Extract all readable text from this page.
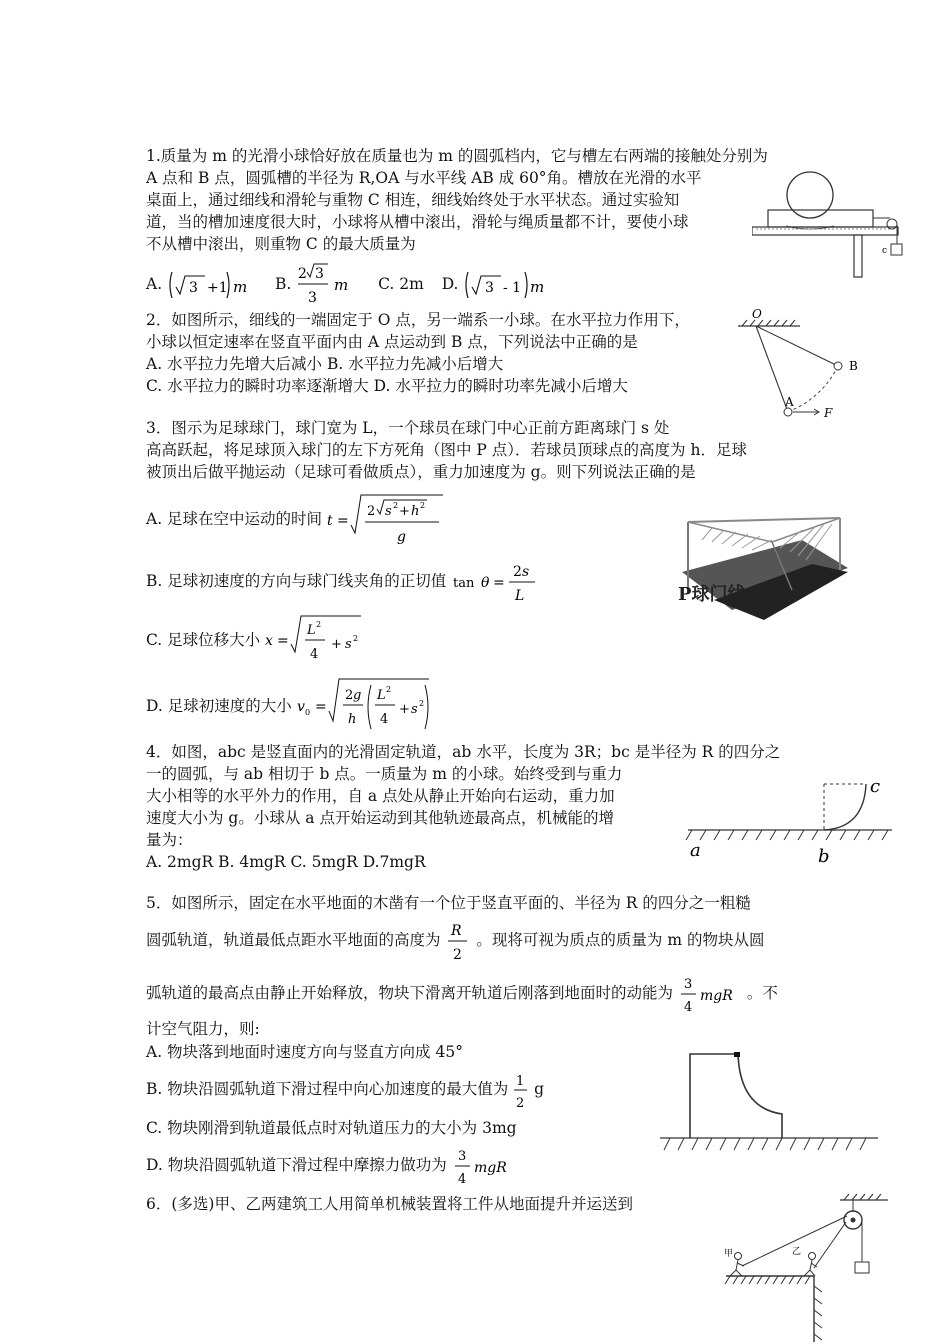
1.质量为 m 的光滑小球恰好放在质量也为 m 的圆弧档内，它与槽左右两端的接触处分别为
A 点和 B 点，圆弧槽的半径为 R,OA 与水平线 AB 成 60°角。槽放在光滑的水平
桌面上，通过细线和滑轮与重物 C 相连，细线始终处于水平状态。通过实验知
道，当的槽加速度很大时，小球将从槽中滚出，滑轮与绳质量都不计，要使小球
不从槽中滚出，则重物 C 的最大质量为
A. 3 +1 m B.
2 3
3
m C. 2m D. 3 - 1 m
c
2．如图所示，细线的一端固定于 O 点，另一端系一小球。在水平拉力作用下，
小球以恒定速率在竖直平面内由 A 点运动到 B 点，下列说法中正确的是
A. 水平拉力先增大后减小 B. 水平拉力先减小后增大
C. 水平拉力的瞬时功率逐渐增大 D. 水平拉力的瞬时功率先减小后增大
O
A
B
F
3．图示为足球球门，球门宽为 L，一个球员在球门中心正前方距离球门 s 处
高高跃起，将足球顶入球门的左下方死角（图中 P 点）．若球员顶球点的高度为 h．足球
被顶出后做平抛运动（足球可看做质点），重力加速度为 g。则下列说法正确的是
A. 足球在空中运动的时间 t =
2 s 2 + h 2
g
B. 足球初速度的方向与球门线夹角的正切值 tan θ =
2 s
L
C. 足球位移大小 x =
L 2
4
+ s 2
D. 足球初速度的大小 v 0 =
2 g
h
L 2
4
+ s 2
P球门线
4．如图，abc 是竖直面内的光滑固定轨道，ab 水平，长度为 3R；bc 是半径为 R 的四分之
一的圆弧，与 ab 相切于 b 点。一质量为 m 的小球。始终受到与重力
大小相等的水平外力的作用，自 a 点处从静止开始向右运动，重力加
速度大小为 g。小球从 a 点开始运动到其他轨迹最高点，机械能的增
量为：
A. 2mgR B. 4mgR C. 5mgR D.7mgR
a	b
c
5．如图所示，固定在水平地面的木凿有一个位于竖直平面的、半径为 R 的四分之一粗糙
圆弧轨道，轨道最低点距水平地面的高度为 R
2
。现将可视为质点的质量为 m 的物块从圆
弧轨道的最高点由静止开始释放，物块下滑离开轨道后刚落到地面时的动能为 3
4
mgR 。不
计空气阻力，则:
A. 物块落到地面时速度方向与竖直方向成 45°
B. 物块沿圆弧轨道下滑过程中向心加速度的最大值为 1
2
g
C. 物块刚滑到轨道最低点时对轨道压力的大小为 3mg
D. 物块沿圆弧轨道下滑过程中摩擦力做功为 3
4
mgR
6．(多选)甲、乙两建筑工人用简单机械装置将工件从地面提升并运送到
甲	乙
